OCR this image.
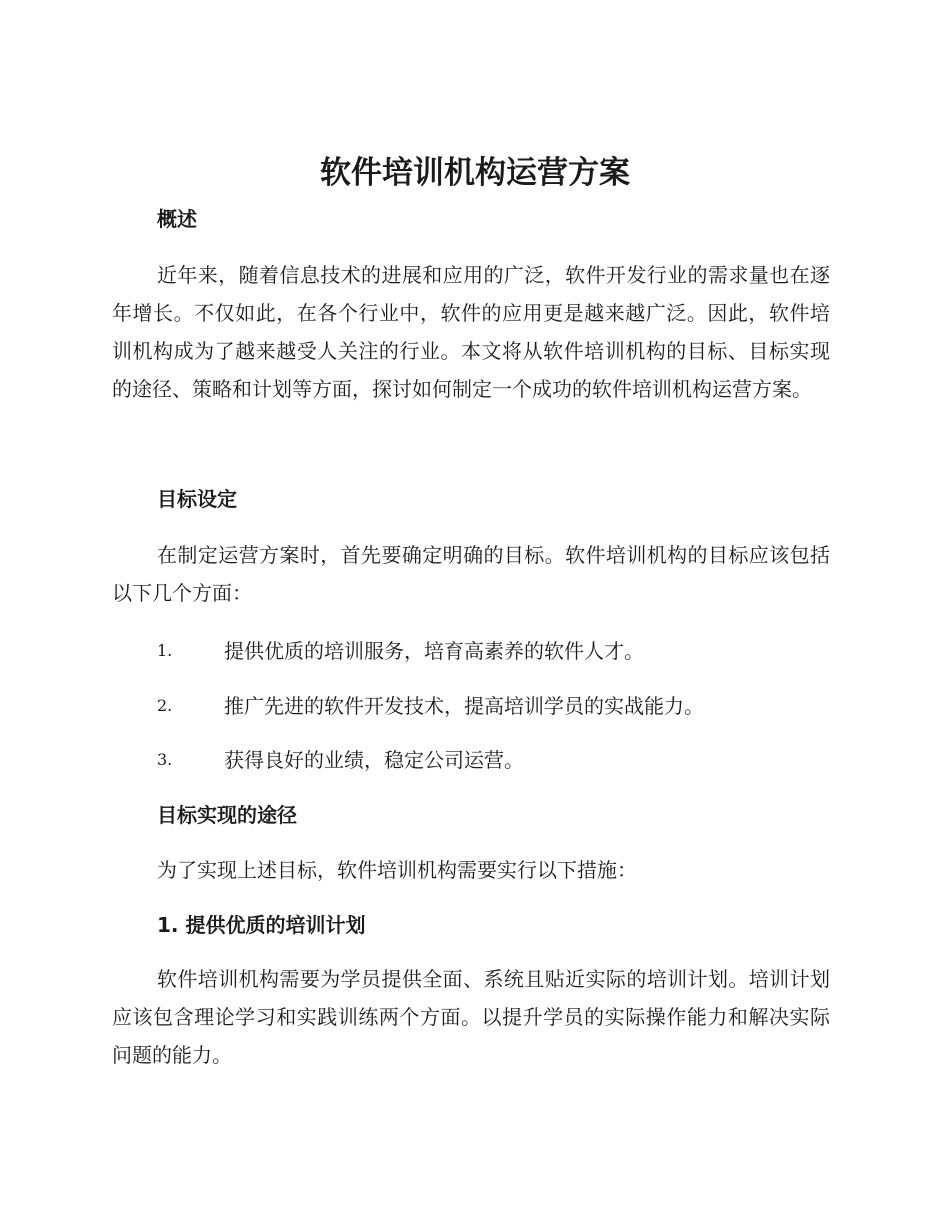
软件培训机构运营方案
概述

近年来，随着信息技术的进展和应用的广泛，软件开发行业的需求量也在逐年增长。不仅如此，在各个行业中，软件的应用更是越来越广泛。因此，软件培训机构成为了越来越受人关注的行业。本文将从软件培训机构的目标、目标实现的途径、策略和计划等方面，探讨如何制定一个成功的软件培训机构运营方案。

目标设定

在制定运营方案时，首先要确定明确的目标。软件培训机构的目标应该包括以下几个方面：

1.	提供优质的培训服务，培育高素养的软件人才。
2.	推广先进的软件开发技术，提高培训学员的实战能力。
3.	获得良好的业绩，稳定公司运营。
目标实现的途径
为了实现上述目标，软件培训机构需要实行以下措施：
1. 提供优质的培训计划

软件培训机构需要为学员提供全面、系统且贴近实际的培训计划。培训计划应该包含理论学习和实践训练两个方面。以提升学员的实际操作能力和解决实际问题的能力。
